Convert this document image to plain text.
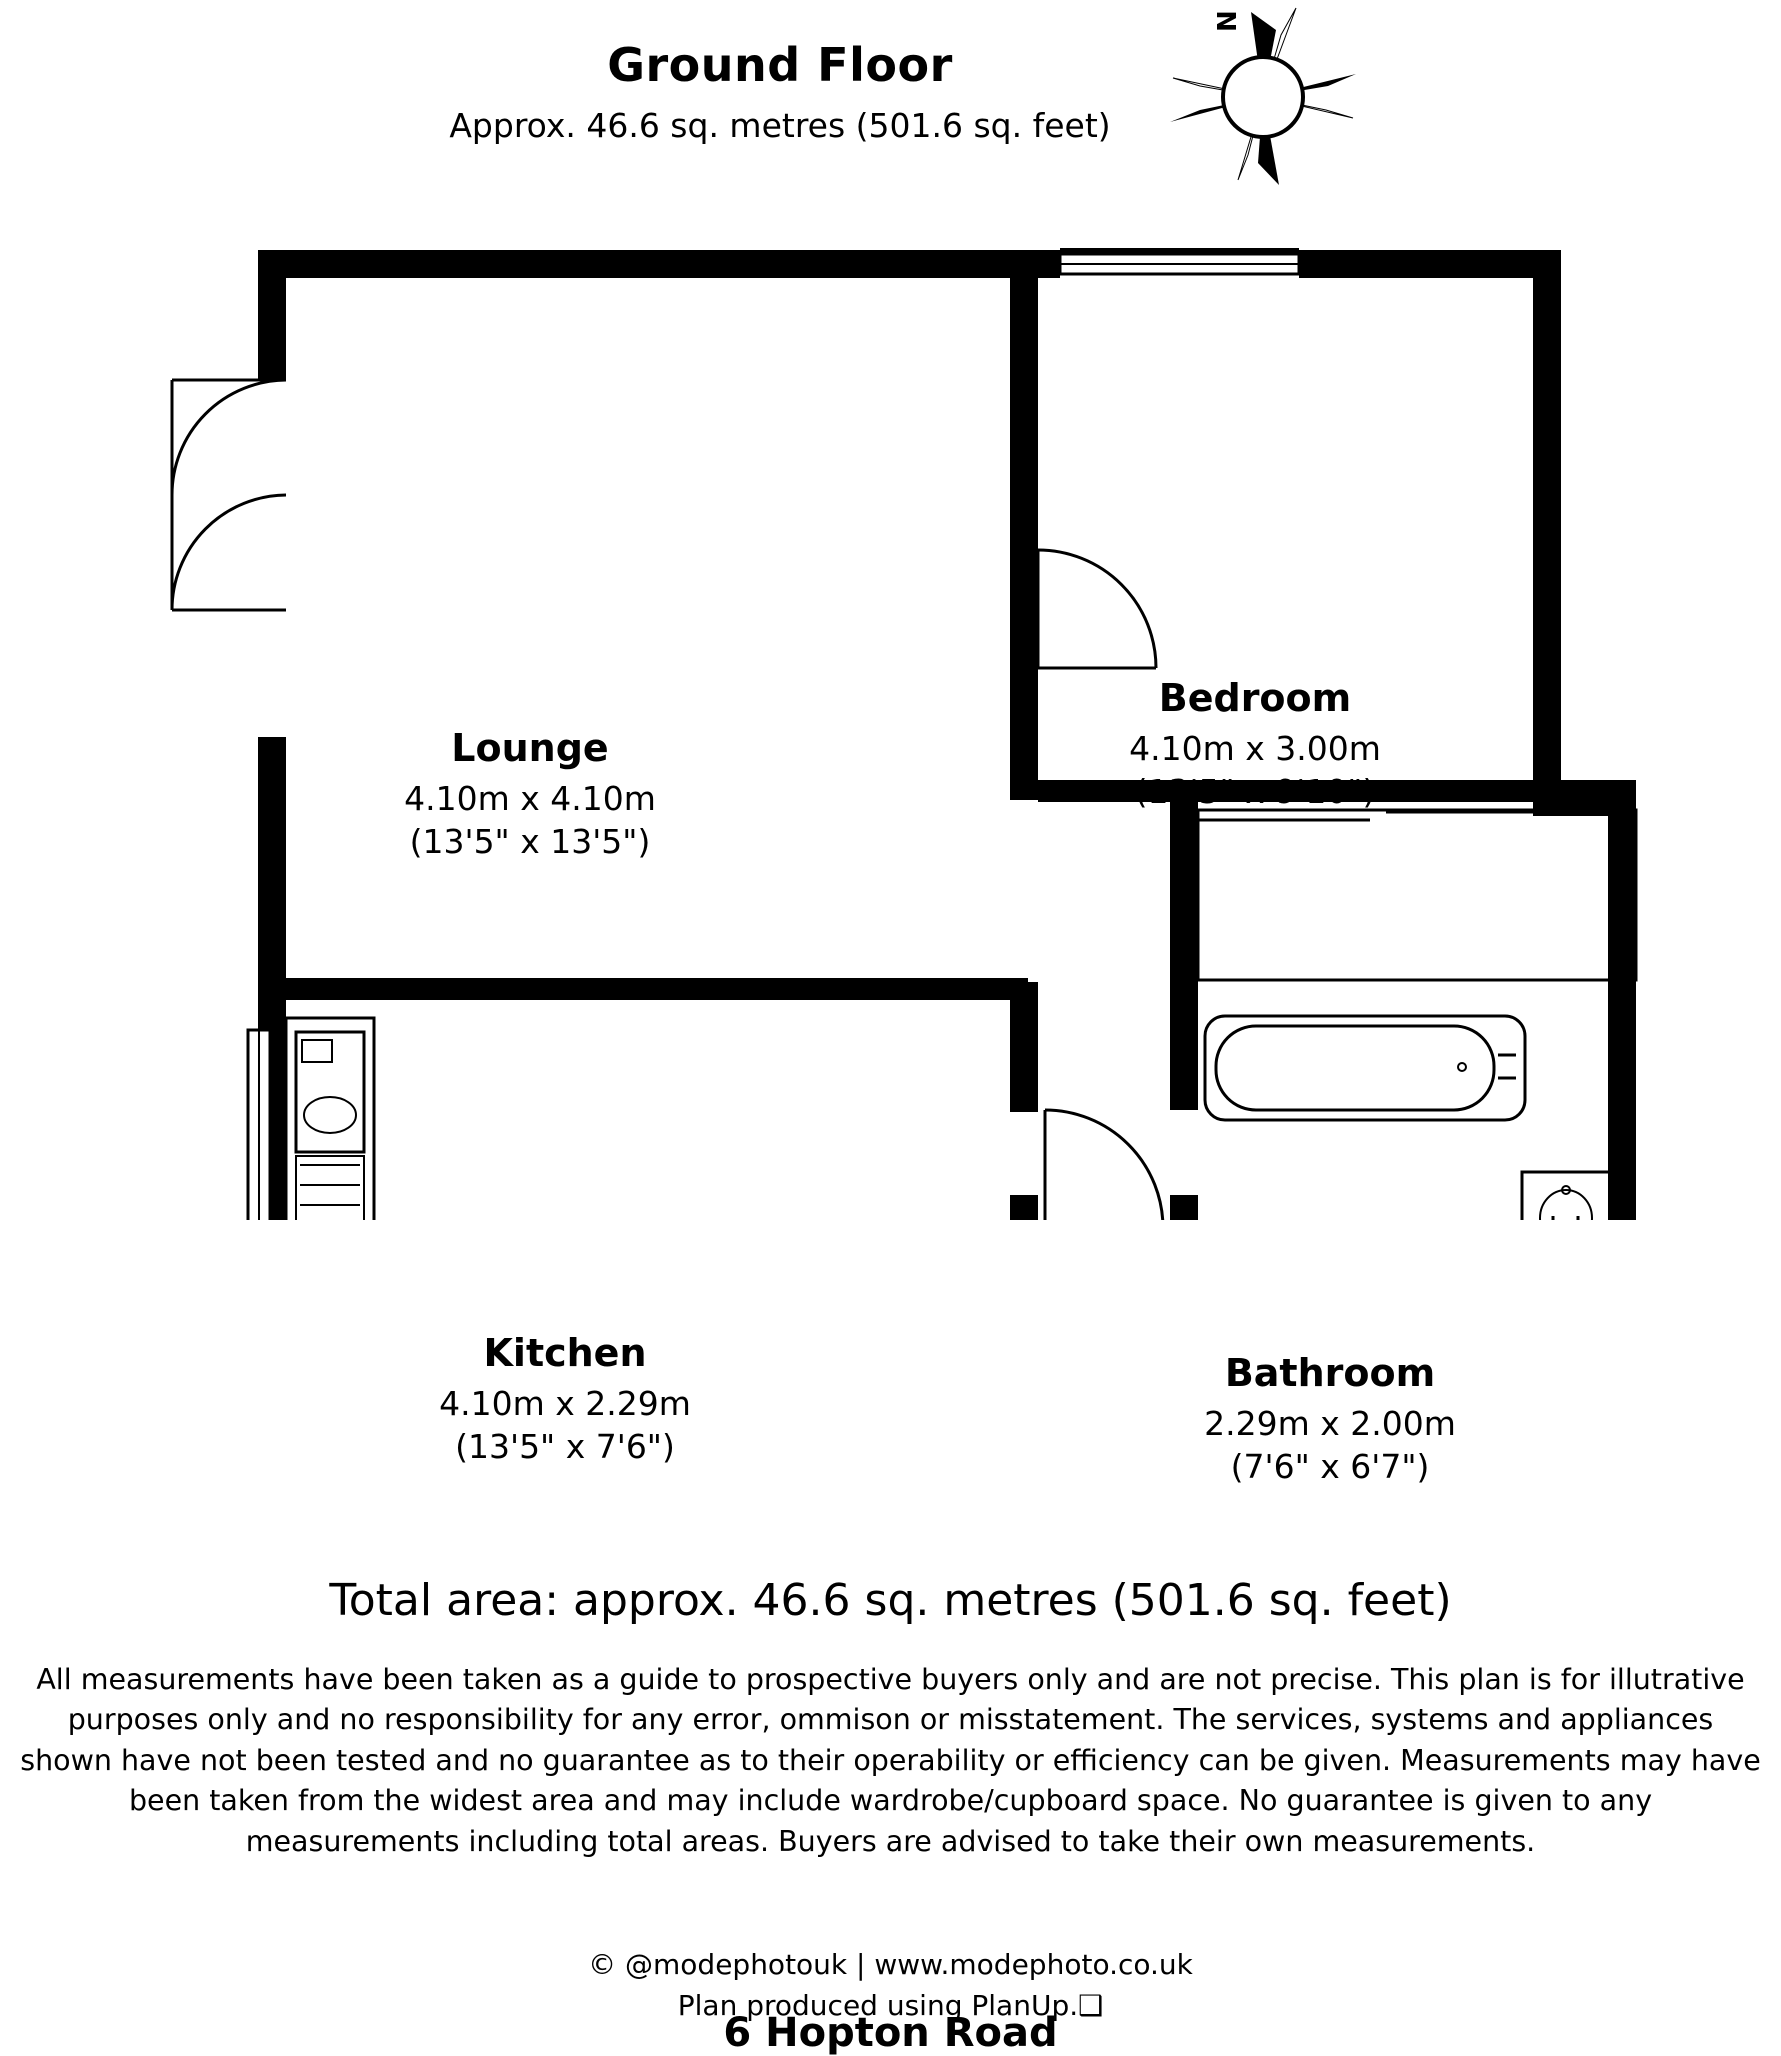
Ground Floor
Approx. 46.6 sq. metres (501.6 sq. feet)
N
Lounge
4.10m x 4.10m
(13'5" x 13'5")
Bedroom
4.10m x 3.00m
(13'5" x 9'10")
Kitchen
4.10m x 2.29m
(13'5" x 7'6")
Bathroom
2.29m x 2.00m
(7'6" x 6'7")
Total area: approx. 46.6 sq. metres (501.6 sq. feet)
All measurements have been taken as a guide to prospective buyers only and are not precise. This plan is for illutrative purposes only and no responsibility for any error, ommison or misstatement. The services, systems and appliances shown have not been tested and no guarantee as to their operability or efficiency can be given. Measurements may have been taken from the widest area and may include wardrobe/cupboard space. No guarantee is given to any measurements including total areas. Buyers are advised to take their own measurements.
© @modephotouk | www.modephoto.co.uk
Plan produced using PlanUp.❑
6 Hopton Road
